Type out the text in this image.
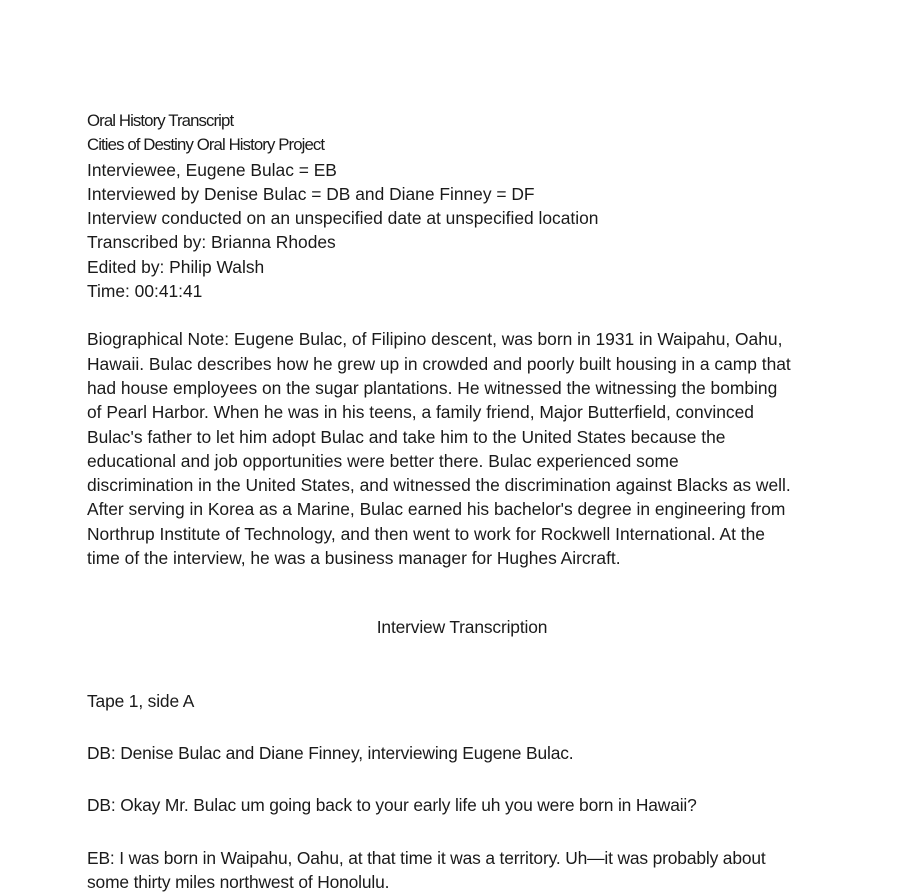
Oral History Transcript
Cities of Destiny Oral History Project
Interviewee, Eugene Bulac = EB
Interviewed by Denise Bulac = DB and Diane Finney = DF
Interview conducted on an unspecified date at unspecified location
Transcribed by: Brianna Rhodes
Edited by: Philip Walsh
Time: 00:41:41
Biographical Note: Eugene Bulac, of Filipino descent, was born in 1931 in Waipahu, Oahu,
Hawaii. Bulac describes how he grew up in crowded and poorly built housing in a camp that
had house employees on the sugar plantations. He witnessed the witnessing the bombing
of Pearl Harbor. When he was in his teens, a family friend, Major Butterfield, convinced
Bulac's father to let him adopt Bulac and take him to the United States because the
educational and job opportunities were better there. Bulac experienced some
discrimination in the United States, and witnessed the discrimination against Blacks as well.
After serving in Korea as a Marine, Bulac earned his bachelor's degree in engineering from
Northrup Institute of Technology, and then went to work for Rockwell International. At the
time of the interview, he was a business manager for Hughes Aircraft.
Interview Transcription
Tape 1, side A
DB: Denise Bulac and Diane Finney, interviewing Eugene Bulac.
DB: Okay Mr. Bulac um going back to your early life uh you were born in Hawaii?
EB: I was born in Waipahu, Oahu, at that time it was a territory. Uh—it was probably about
some thirty miles northwest of Honolulu.
